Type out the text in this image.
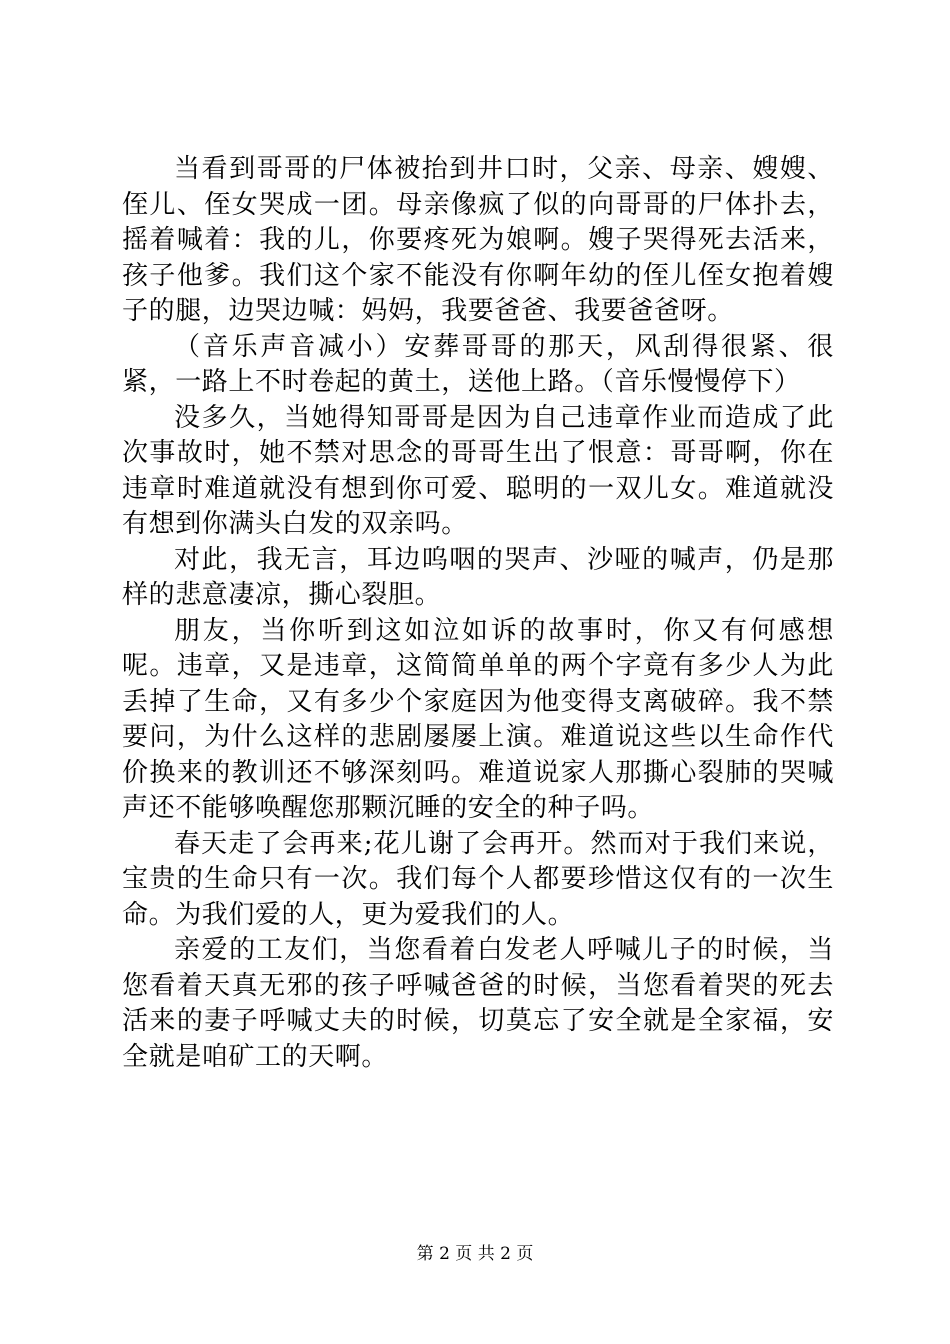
当看到哥哥的尸体被抬到井口时，父亲、母亲、嫂嫂、侄儿、侄女哭成一团。母亲像疯了似的向哥哥的尸体扑去，摇着喊着：我的儿，你要疼死为娘啊。嫂子哭得死去活来，孩子他爹。我们这个家不能没有你啊年幼的侄儿侄女抱着嫂子的腿，边哭边喊：妈妈，我要爸爸、我要爸爸呀。

（音乐声音减小）安葬哥哥的那天，风刮得很紧、很紧，一路上不时卷起的黄土，送他上路。（音乐慢慢停下）

没多久，当她得知哥哥是因为自己违章作业而造成了此次事故时，她不禁对思念的哥哥生出了恨意：哥哥啊，你在违章时难道就没有想到你可爱、聪明的一双儿女。难道就没有想到你满头白发的双亲吗。

对此，我无言，耳边呜咽的哭声、沙哑的喊声，仍是那样的悲意凄凉，撕心裂胆。

朋友，当你听到这如泣如诉的故事时，你又有何感想呢。违章，又是违章，这简简单单的两个字竟有多少人为此丢掉了生命，又有多少个家庭因为他变得支离破碎。我不禁要问，为什么这样的悲剧屡屡上演。难道说这些以生命作代价换来的教训还不够深刻吗。难道说家人那撕心裂肺的哭喊声还不能够唤醒您那颗沉睡的安全的种子吗。

春天走了会再来;花儿谢了会再开。然而对于我们来说，宝贵的生命只有一次。我们每个人都要珍惜这仅有的一次生命。为我们爱的人，更为爱我们的人。

亲爱的工友们，当您看着白发老人呼喊儿子的时候，当您看着天真无邪的孩子呼喊爸爸的时候，当您看着哭的死去活来的妻子呼喊丈夫的时候，切莫忘了安全就是全家福，安全就是咱矿工的天啊。

第 2 页 共 2 页
